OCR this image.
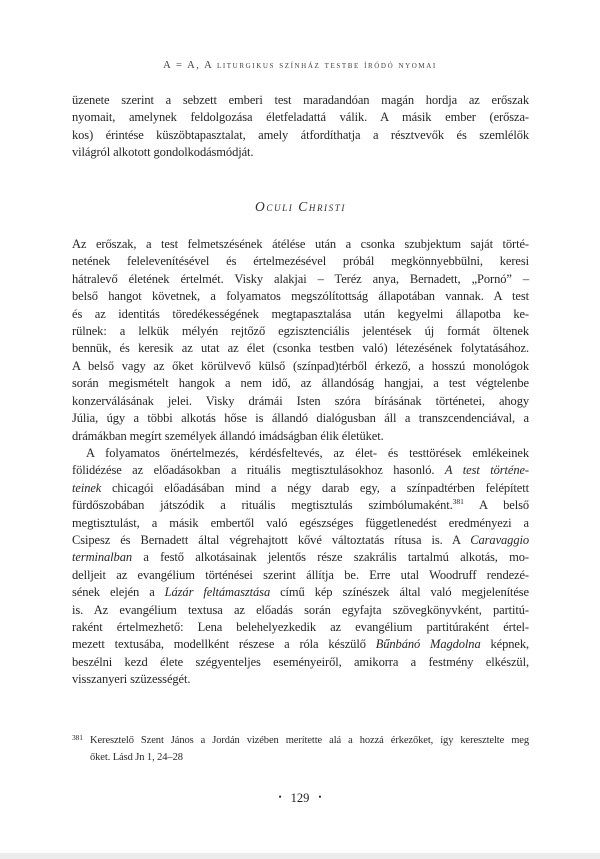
A = A, A liturgikus színház testbe íródó nyomai
üzenete szerint a sebzett emberi test maradandóan magán hordja az erőszak
nyomait, amelynek feldolgozása életfeladattá válik. A másik ember (erősza-
kos) érintése küszöbtapasztalat, amely átfordíthatja a résztvevők és szemlélők
világról alkotott gondolkodásmódját.
Oculi Christi
Az erőszak, a test felmetszésének átélése után a csonka szubjektum saját törté-
netének felelevenítésével és értelmezésével próbál megkönnyebbülni, keresi
hátralevő életének értelmét. Visky alakjai – Teréz anya, Bernadett, „Pornó” –
belső hangot követnek, a folyamatos megszólítottság állapotában vannak. A test
és az identitás töredékességének megtapasztalása után kegyelmi állapotba ke-
rülnek: a lelkük mélyén rejtőző egzisztenciális jelentések új formát öltenek
bennük, és keresik az utat az élet (csonka testben való) létezésének folytatásához.
A belső vagy az őket körülvevő külső (színpad)térből érkező, a hosszú monológok
során megismételt hangok a nem idő, az állandóság hangjai, a test végtelenbe
konzerválásának jelei. Visky drámái Isten szóra bírásának történetei, ahogy
Júlia, úgy a többi alkotás hőse is állandó dialógusban áll a transzcendenciával, a
drámákban megírt személyek állandó imádságban élik életüket.
A folyamatos önértelmezés, kérdésfeltevés, az élet- és testtörések emlékeinek
fölidézése az előadásokban a rituális megtisztulásokhoz hasonló. A test történe-
teinek chicagói előadásában mind a négy darab egy, a színpadtérben felépített
fürdőszobában játszódik a rituális megtisztulás szimbólumaként.$^{381}$ A belső
megtisztulást, a másik embertől való egészséges függetlenedést eredményezi a
Csipesz és Bernadett által végrehajtott kővé változtatás rítusa is. A Caravaggio
terminalban a festő alkotásainak jelentős része szakrális tartalmú alkotás, mo-
delljeit az evangélium történései szerint állítja be. Erre utal Woodruff rendezé-
sének elején a Lázár feltámasztása című kép színészek által való megjelenítése
is. Az evangélium textusa az előadás során egyfajta szövegkönyvként, partitú-
raként értelmezhető: Lena belehelyezkedik az evangélium partitúraként értel-
mezett textusába, modellként részese a róla készülő Bűnbánó Magdolna képnek,
beszélni kezd élete szégyenteljes eseményeiről, amikorra a festmény elkészül,
visszanyeri szüzességét.
381 Keresztelő Szent János a Jordán vizében merítette alá a hozzá érkezőket, így keresztelte meg
őket. Lásd Jn 1, 24–28
• 129 •
